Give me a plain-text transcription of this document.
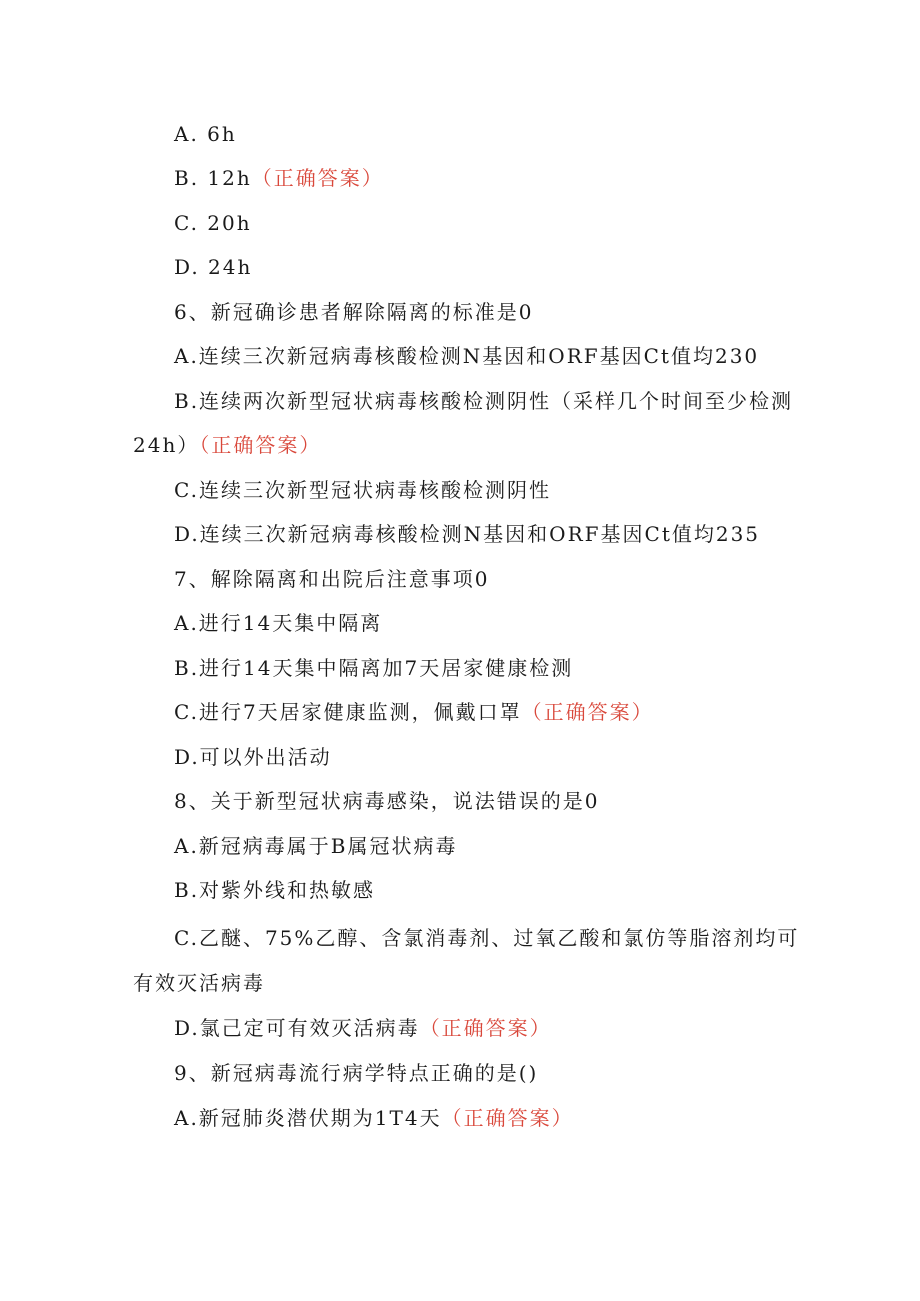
A. 6h
B. 12h（正确答案）
C. 20h
D. 24h
6、新冠确诊患者解除隔离的标准是0
A.连续三次新冠病毒核酸检测N基因和ORF基因Ct值均230
B.连续两次新型冠状病毒核酸检测阴性（采样几个时间至少检测
24h）（正确答案）
C.连续三次新型冠状病毒核酸检测阴性
D.连续三次新冠病毒核酸检测N基因和ORF基因Ct值均235
7、解除隔离和出院后注意事项0
A.进行14天集中隔离
B.进行14天集中隔离加7天居家健康检测
C.进行7天居家健康监测，佩戴口罩（正确答案）
D.可以外出活动
8、关于新型冠状病毒感染，说法错误的是0
A.新冠病毒属于B属冠状病毒
B.对紫外线和热敏感
C.乙醚、75%乙醇、含氯消毒剂、过氧乙酸和氯仿等脂溶剂均可
有效灭活病毒
D.氯己定可有效灭活病毒（正确答案）
9、新冠病毒流行病学特点正确的是()
A.新冠肺炎潜伏期为1T4天（正确答案）
